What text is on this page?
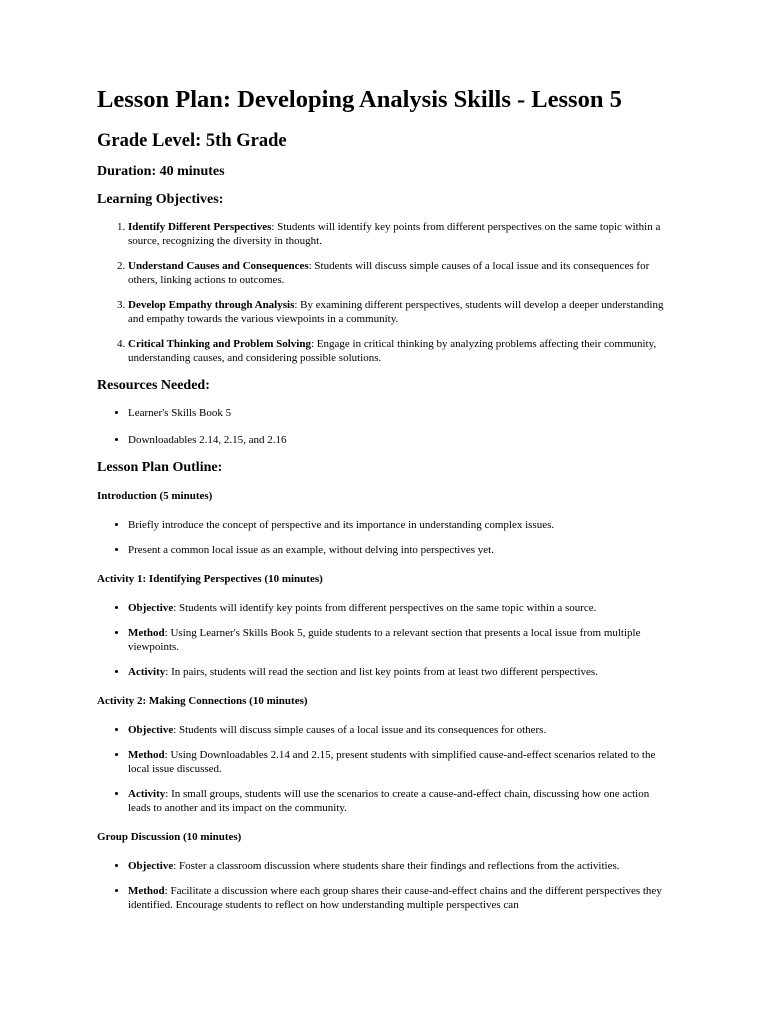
Lesson Plan: Developing Analysis Skills - Lesson 5
Grade Level: 5th Grade
Duration: 40 minutes
Learning Objectives:
1. Identify Different Perspectives: Students will identify key points from different perspectives on the same topic within a source, recognizing the diversity in thought.
2. Understand Causes and Consequences: Students will discuss simple causes of a local issue and its consequences for others, linking actions to outcomes.
3. Develop Empathy through Analysis: By examining different perspectives, students will develop a deeper understanding and empathy towards the various viewpoints in a community.
4. Critical Thinking and Problem Solving: Engage in critical thinking by analyzing problems affecting their community, understanding causes, and considering possible solutions.
Resources Needed:
• Learner's Skills Book 5
• Downloadables 2.14, 2.15, and 2.16
Lesson Plan Outline:
Introduction (5 minutes)
• Briefly introduce the concept of perspective and its importance in understanding complex issues.
• Present a common local issue as an example, without delving into perspectives yet.
Activity 1: Identifying Perspectives (10 minutes)
• Objective: Students will identify key points from different perspectives on the same topic within a source.
• Method: Using Learner's Skills Book 5, guide students to a relevant section that presents a local issue from multiple viewpoints.
• Activity: In pairs, students will read the section and list key points from at least two different perspectives.
Activity 2: Making Connections (10 minutes)
• Objective: Students will discuss simple causes of a local issue and its consequences for others.
• Method: Using Downloadables 2.14 and 2.15, present students with simplified cause-and-effect scenarios related to the local issue discussed.
• Activity: In small groups, students will use the scenarios to create a cause-and-effect chain, discussing how one action leads to another and its impact on the community.
Group Discussion (10 minutes)
• Objective: Foster a classroom discussion where students share their findings and reflections from the activities.
• Method: Facilitate a discussion where each group shares their cause-and-effect chains and the different perspectives they identified. Encourage students to reflect on how understanding multiple perspectives can
